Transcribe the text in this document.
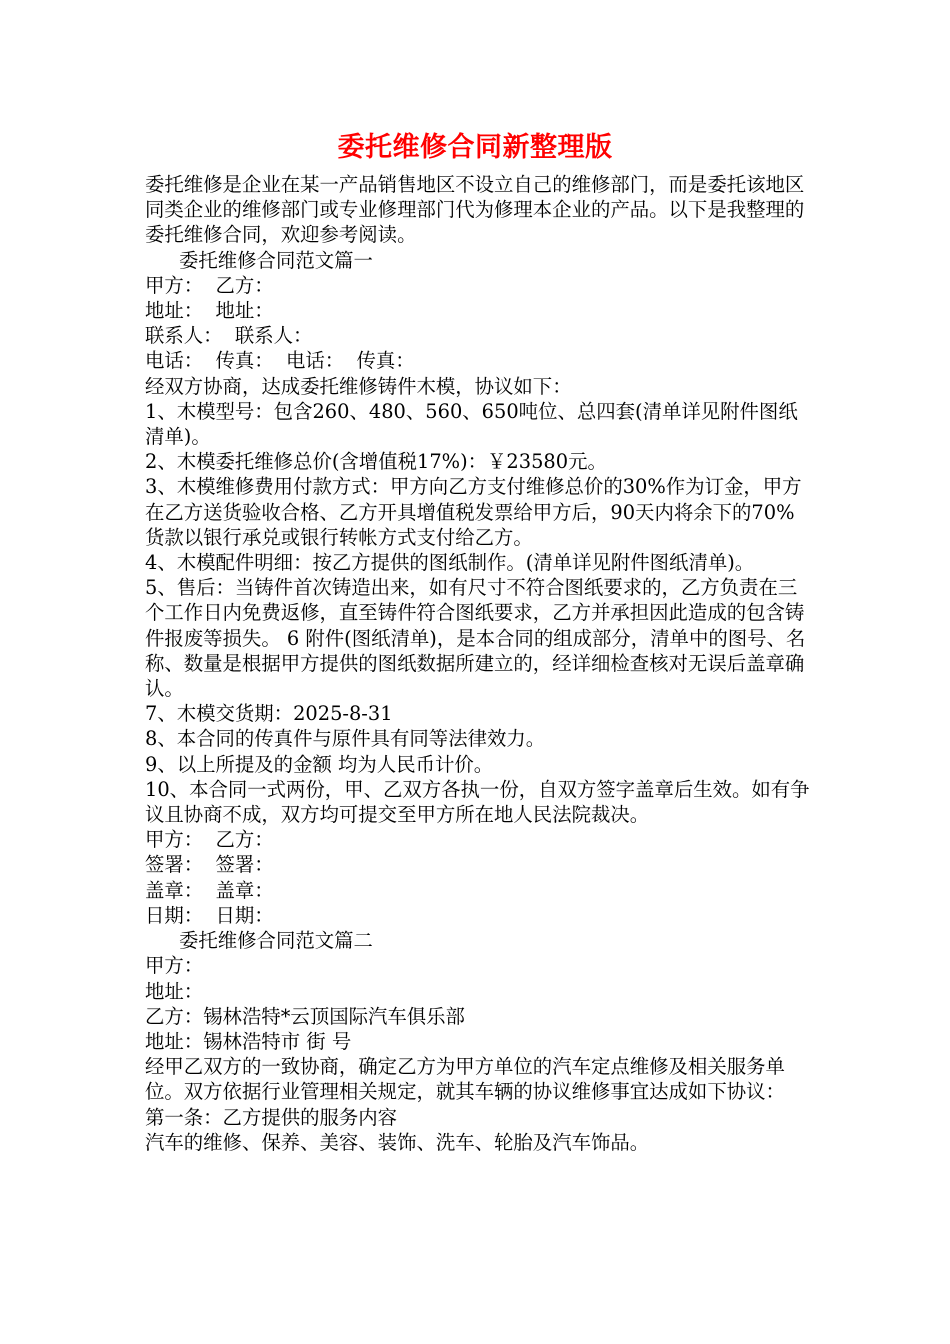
委托维修合同新整理版

委托维修是企业在某一产品销售地区不设立自己的维修部门，而是委托该地区同类企业的维修部门或专业修理部门代为修理本企业的产品。以下是我整理的委托维修合同，欢迎参考阅读。

委托维修合同范文篇一

甲方：  乙方：

地址：  地址：

联系人：  联系人：

电话：  传真：  电话：  传真：

经双方协商，达成委托维修铸件木模，协议如下：

1、木模型号：包含260、480、560、650吨位、总四套(清单详见附件图纸清单)。

2、木模委托维修总价(含增值税17%)：￥23580元。

3、木模维修费用付款方式：甲方向乙方支付维修总价的30%作为订金，甲方在乙方送货验收合格、乙方开具增值税发票给甲方后，90天内将余下的70% 货款以银行承兑或银行转帐方式支付给乙方。

4、木模配件明细：按乙方提供的图纸制作。(清单详见附件图纸清单)。

5、售后：当铸件首次铸造出来，如有尺寸不符合图纸要求的，乙方负责在三个工作日内免费返修，直至铸件符合图纸要求，乙方并承担因此造成的包含铸件报废等损失。 6 附件(图纸清单)，是本合同的组成部分，清单中的图号、名称、数量是根据甲方提供的图纸数据所建立的，经详细检查核对无误后盖章确认。

7、木模交货期：2025-8-31

8、本合同的传真件与原件具有同等法律效力。

9、以上所提及的金额 均为人民币计价。

10、本合同一式两份，甲、乙双方各执一份，自双方签字盖章后生效。如有争议且协商不成，双方均可提交至甲方所在地人民法院裁决。

甲方：  乙方：

签署：  签署：

盖章：  盖章：

日期：  日期：

委托维修合同范文篇二

甲方：

地址：

乙方：锡林浩特*云顶国际汽车俱乐部

地址：锡林浩特市 街 号

经甲乙双方的一致协商，确定乙方为甲方单位的汽车定点维修及相关服务单位。双方依据行业管理相关规定，就其车辆的协议维修事宜达成如下协议：

第一条：乙方提供的服务内容

汽车的维修、保养、美容、装饰、洗车、轮胎及汽车饰品。
